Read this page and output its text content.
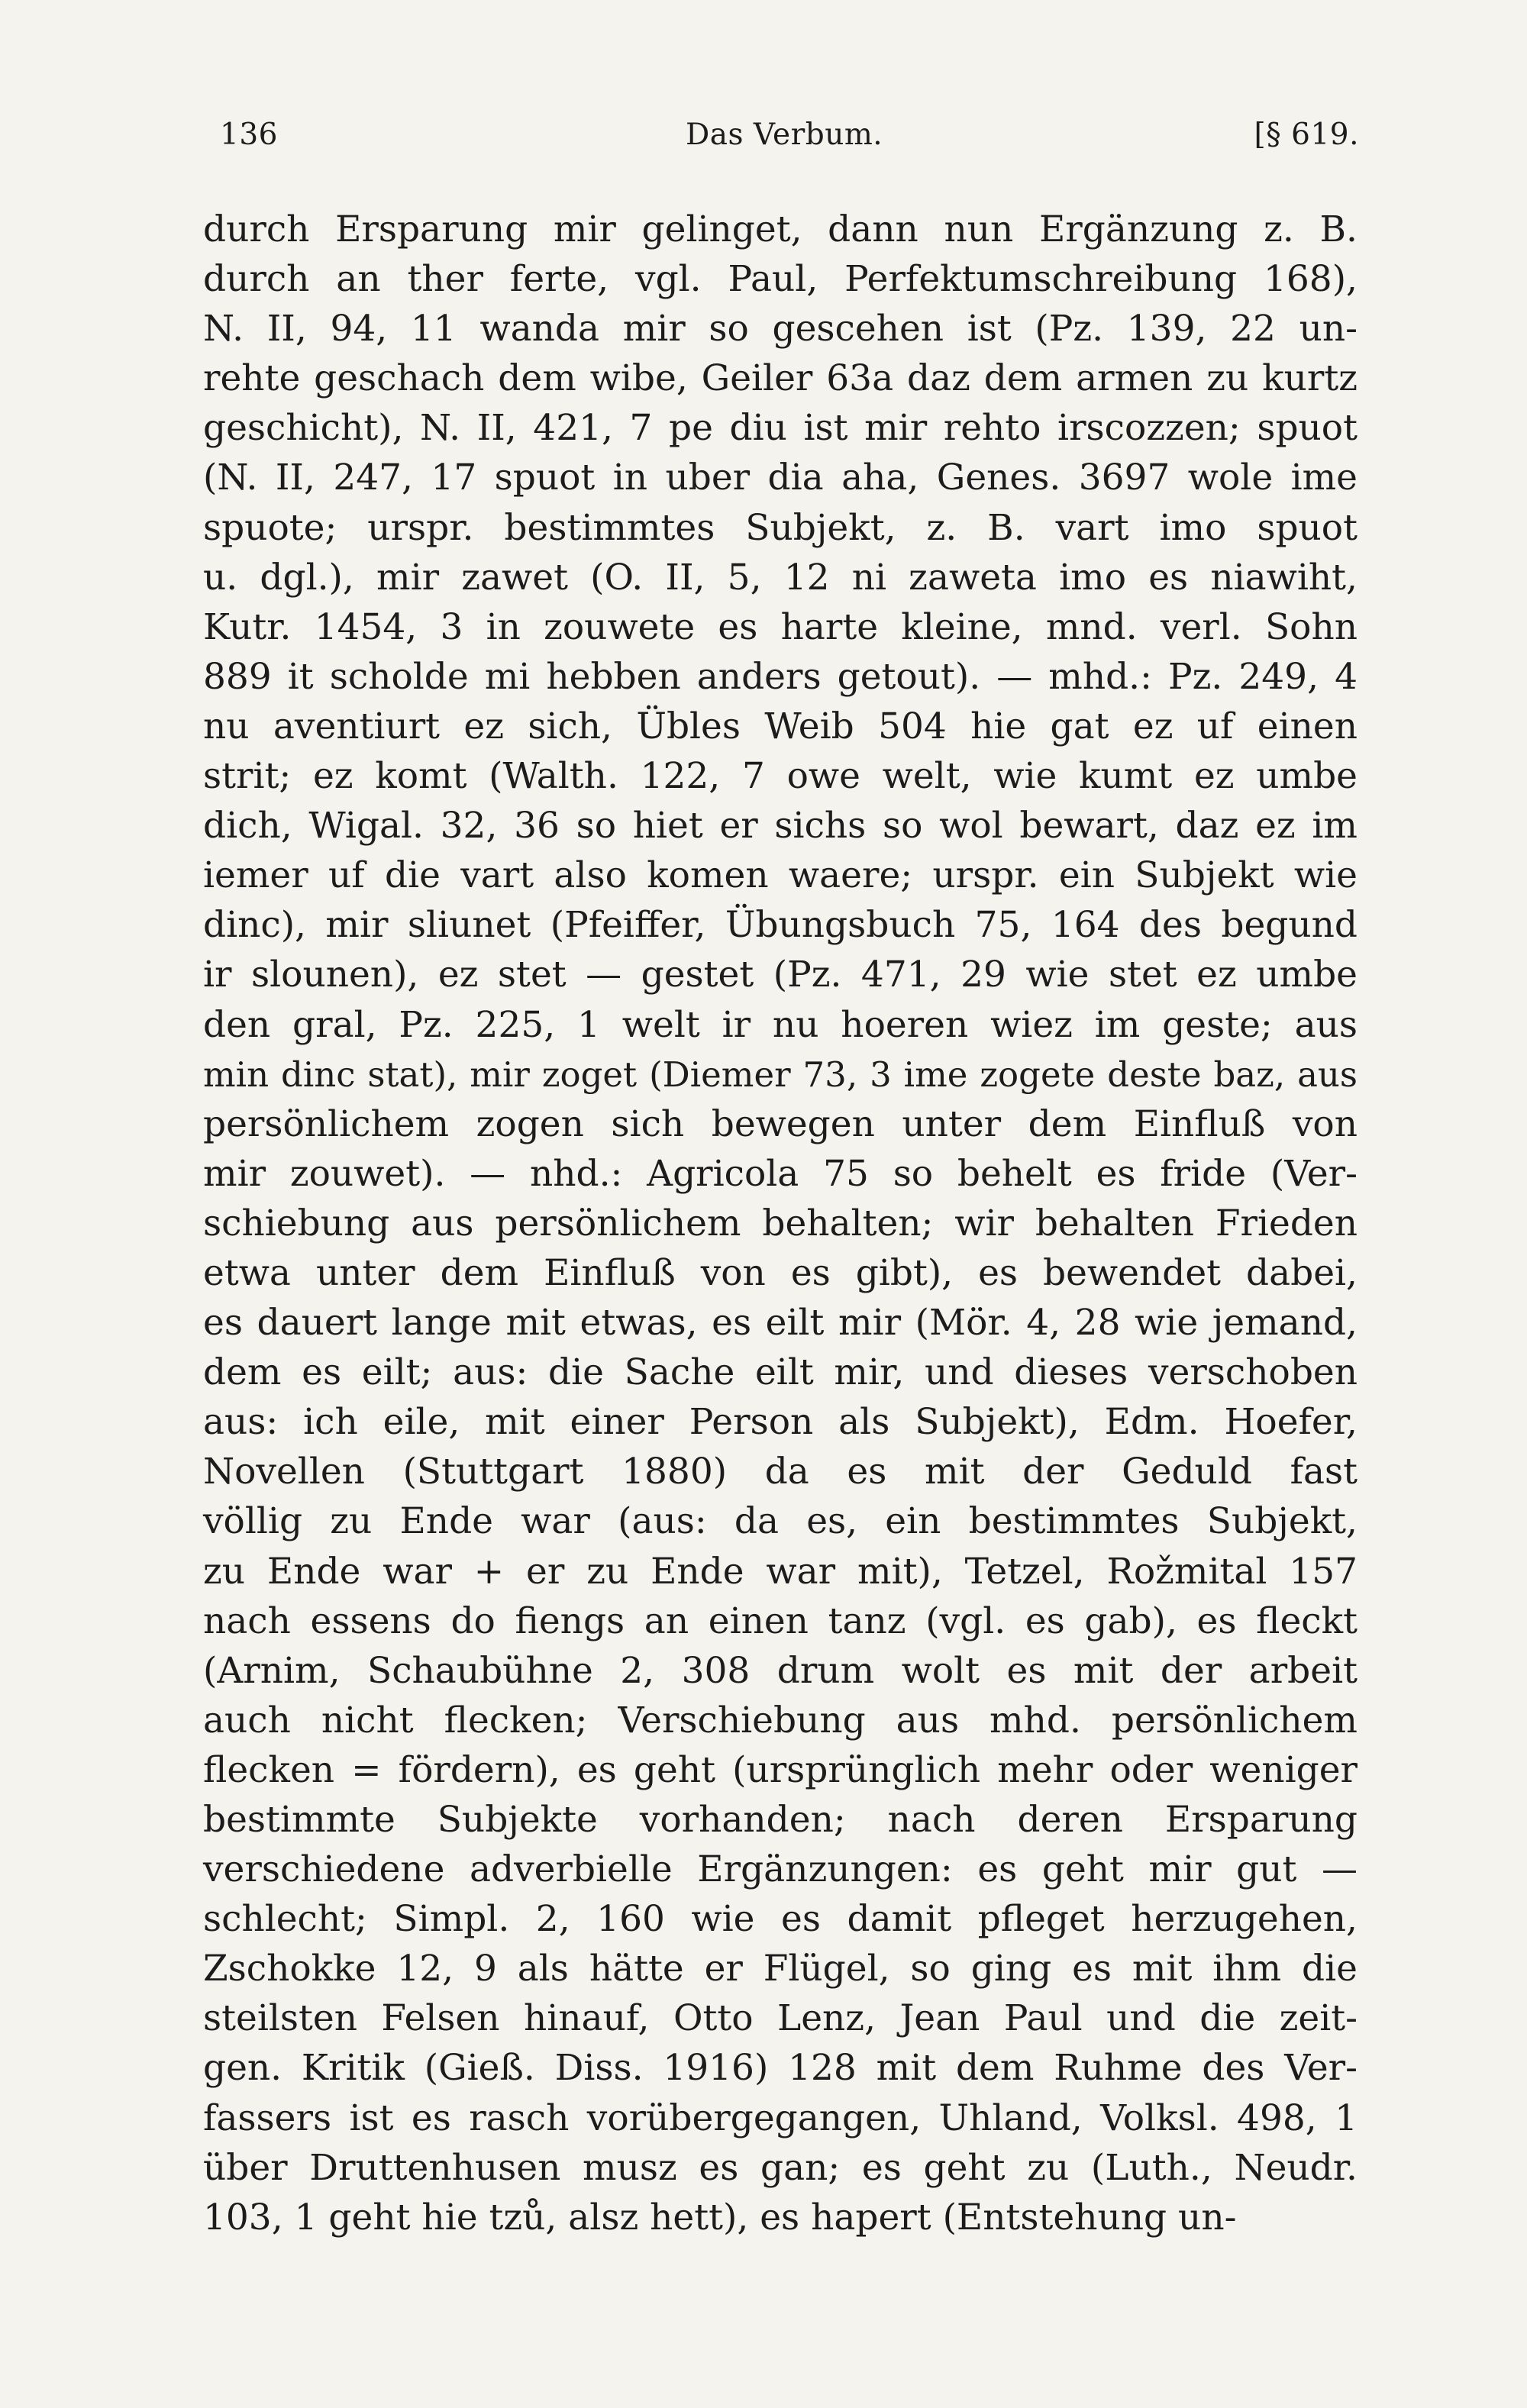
136	Das Verbum.	[§ 619.
durch Ersparung mir gelinget, dann nun Ergänzung z. B.
durch an ther ferte, vgl. Paul, Perfektumschreibung 168),
N. II, 94, 11 wanda mir so gescehen ist (Pz. 139, 22 un-
rehte geschach dem wibe, Geiler 63a daz dem armen zu kurtz
geschicht), N. II, 421, 7 pe diu ist mir rehto irscozzen; spuot
(N. II, 247, 17 spuot in uber dia aha, Genes. 3697 wole ime
spuote; urspr. bestimmtes Subjekt, z. B. vart imo spuot
u. dgl.), mir zawet (O. II, 5, 12 ni zaweta imo es niawiht,
Kutr. 1454, 3 in zouwete es harte kleine, mnd. verl. Sohn
889 it scholde mi hebben anders getout). — mhd.: Pz. 249, 4
nu aventiurt ez sich, Übles Weib 504 hie gat ez uf einen
strit; ez komt (Walth. 122, 7 owe welt, wie kumt ez umbe
dich, Wigal. 32, 36 so hiet er sichs so wol bewart, daz ez im
iemer uf die vart also komen waere; urspr. ein Subjekt wie
dinc), mir sliunet (Pfeiffer, Übungsbuch 75, 164 des begund
ir slounen), ez stet — gestet (Pz. 471, 29 wie stet ez umbe
den gral, Pz. 225, 1 welt ir nu hoeren wiez im geste; aus
min dinc stat), mir zoget (Diemer 73, 3 ime zogete deste baz, aus
persönlichem zogen sich bewegen unter dem Einfluß von
mir zouwet). — nhd.: Agricola 75 so behelt es fride (Ver-
schiebung aus persönlichem behalten; wir behalten Frieden
etwa unter dem Einfluß von es gibt), es bewendet dabei,
es dauert lange mit etwas, es eilt mir (Mör. 4, 28 wie jemand,
dem es eilt; aus: die Sache eilt mir, und dieses verschoben
aus: ich eile, mit einer Person als Subjekt), Edm. Hoefer,
Novellen (Stuttgart 1880) da es mit der Geduld fast
völlig zu Ende war (aus: da es, ein bestimmtes Subjekt,
zu Ende war + er zu Ende war mit), Tetzel, Rožmital 157
nach essens do fiengs an einen tanz (vgl. es gab), es fleckt
(Arnim, Schaubühne 2, 308 drum wolt es mit der arbeit
auch nicht flecken; Verschiebung aus mhd. persönlichem
flecken = fördern), es geht (ursprünglich mehr oder weniger
bestimmte Subjekte vorhanden; nach deren Ersparung
verschiedene adverbielle Ergänzungen: es geht mir gut —
schlecht; Simpl. 2, 160 wie es damit pfleget herzugehen,
Zschokke 12, 9 als hätte er Flügel, so ging es mit ihm die
steilsten Felsen hinauf, Otto Lenz, Jean Paul und die zeit-
gen. Kritik (Gieß. Diss. 1916) 128 mit dem Ruhme des Ver-
fassers ist es rasch vorübergegangen, Uhland, Volksl. 498, 1
über Druttenhusen musz es gan; es geht zu (Luth., Neudr.
103, 1 geht hie tzů, alsz hett), es hapert (Entstehung un-
